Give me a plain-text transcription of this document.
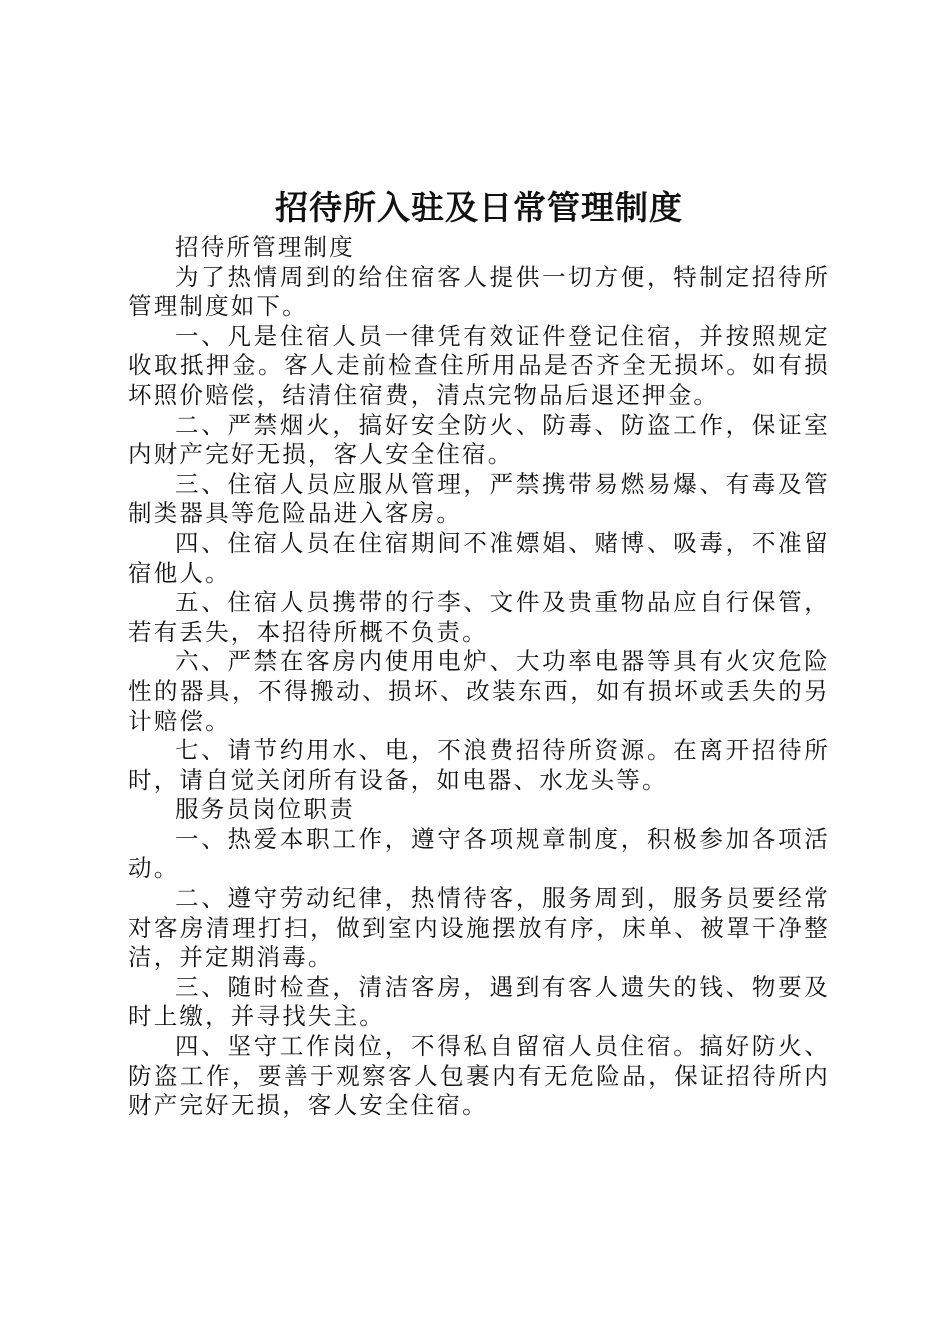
招待所入驻及日常管理制度

招待所管理制度

为了热情周到的给住宿客人提供一切方便，特制定招待所管理制度如下。

一、凡是住宿人员一律凭有效证件登记住宿，并按照规定收取抵押金。客人走前检查住所用品是否齐全无损坏。如有损坏照价赔偿，结清住宿费，清点完物品后退还押金。

二、严禁烟火，搞好安全防火、防毒、防盗工作，保证室内财产完好无损，客人安全住宿。

三、住宿人员应服从管理，严禁携带易燃易爆、有毒及管制类器具等危险品进入客房。

四、住宿人员在住宿期间不准嫖娼、赌博、吸毒，不准留宿他人。

五、住宿人员携带的行李、文件及贵重物品应自行保管，若有丢失，本招待所概不负责。

六、严禁在客房内使用电炉、大功率电器等具有火灾危险性的器具，不得搬动、损坏、改装东西，如有损坏或丢失的另计赔偿。

七、请节约用水、电，不浪费招待所资源。在离开招待所时，请自觉关闭所有设备，如电器、水龙头等。

服务员岗位职责

一、热爱本职工作，遵守各项规章制度，积极参加各项活动。

二、遵守劳动纪律，热情待客，服务周到，服务员要经常对客房清理打扫，做到室内设施摆放有序，床单、被罩干净整洁，并定期消毒。

三、随时检查，清洁客房，遇到有客人遗失的钱、物要及时上缴，并寻找失主。

四、坚守工作岗位，不得私自留宿人员住宿。搞好防火、防盗工作，要善于观察客人包裹内有无危险品，保证招待所内财产完好无损，客人安全住宿。
